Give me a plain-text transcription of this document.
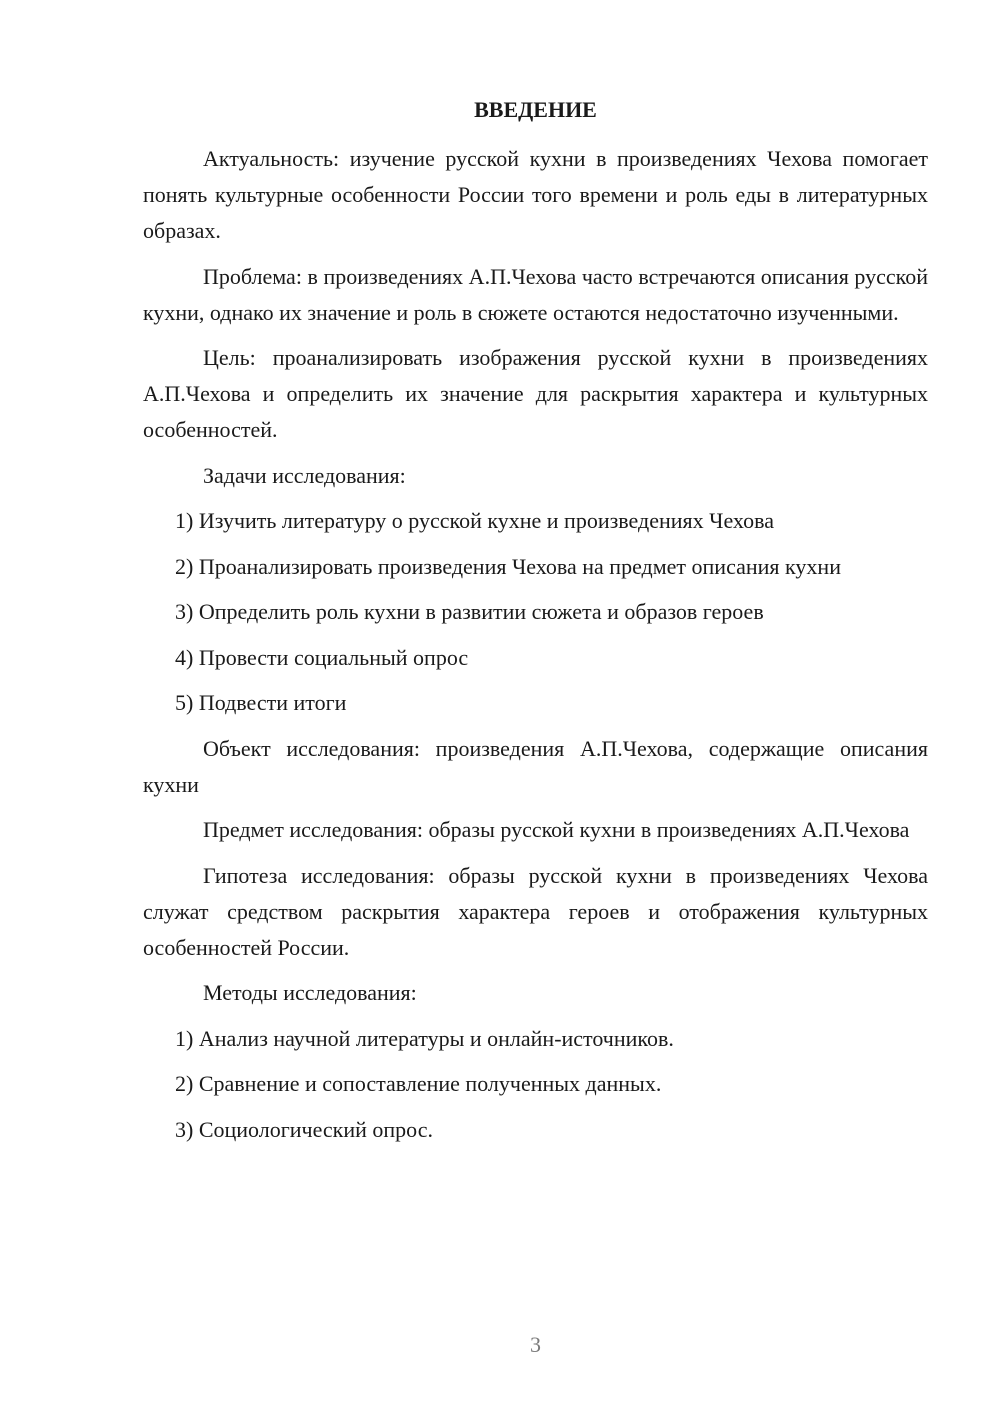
ВВЕДЕНИЕ

Актуальность: изучение русской кухни в произведениях Чехова помогает понять культурные особенности России того времени и роль еды в литературных образах.

Проблема: в произведениях А.П.Чехова часто встречаются описания русской кухни, однако их значение и роль в сюжете остаются недостаточно изученными.

Цель: проанализировать изображения русской кухни в произведениях А.П.Чехова и определить их значение для раскрытия характера и культурных особенностей.

Задачи исследования:

1) Изучить литературу о русской кухне и произведениях Чехова

2) Проанализировать произведения Чехова на предмет описания кухни

3) Определить роль кухни в развитии сюжета и образов героев

4) Провести социальный опрос

5) Подвести итоги

Объект исследования: произведения А.П.Чехова, содержащие описания кухни

Предмет исследования: образы русской кухни в произведениях А.П.Чехова

Гипотеза исследования: образы русской кухни в произведениях Чехова служат средством раскрытия характера героев и отображения культурных особенностей России.

Методы исследования:

1) Анализ научной литературы и онлайн-источников.

2) Сравнение и сопоставление полученных данных.

3) Социологический опрос.

3
